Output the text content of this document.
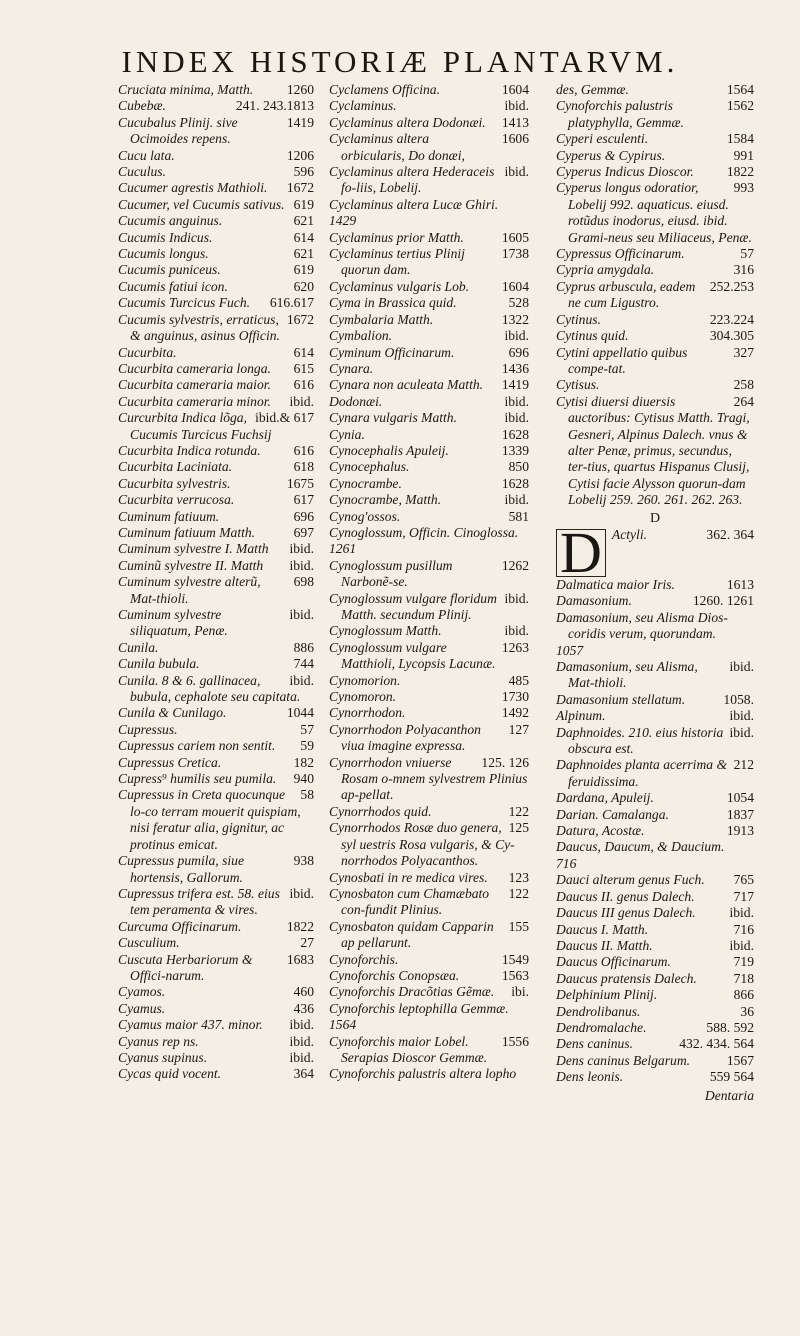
INDEX HISTORIÆ PLANTARVM.
1260
Cruciata minima, Matth.
241. 243.1813
Cubebæ.
1419
Cucubalus Plinij. sive Ocimoides repens.
1206
Cucu lata.
596
Cuculus.
1672
Cucumer agrestis Mathioli.
619
Cucumer, vel Cucumis sativus.
621
Cucumis anguinus.
614
Cucumis Indicus.
621
Cucumis longus.
619
Cucumis puniceus.
620
Cucumis fatiui icon.
616.617
Cucumis Turcicus Fuch.
1672
Cucumis sylvestris, erraticus, & anguinus, asinus Officin.
614
Cucurbita.
615
Cucurbita cameraria longa.
616
Cucurbita cameraria maior.
ibid.
Cucurbita cameraria minor.
ibid.& 617
Curcurbita Indica lõga, Cucumis Turcicus Fuchsij
616
Cucurbita Indica rotunda.
618
Cucurbita Laciniata.
1675
Cucurbita sylvestris.
617
Cucurbita verrucosa.
696
Cuminum fatiuum.
697
Cuminum fatiuum Matth.
ibid.
Cuminum sylvestre I. Matth
ibid.
Cuminũ sylvestre II. Matth
698
Cuminum sylvestre alterũ, Mat-thioli.
ibid.
Cuminum sylvestre siliquatum, Penæ.
886
Cunila.
744
Cunila bubula.
ibid.
Cunila. 8 & 6. gallinacea, bubula, cephalote seu capitata.
1044
Cunila & Cunilago.
57
Cupressus.
59
Cupressus cariem non sentit.
182
Cupressus Cretica.
940
Cupress⁹ humilis seu pumila.
58
Cupressus in Creta quocunque lo-co terram mouerit quispiam, nisi feratur alia, gignitur, ac protinus emicat.
938
Cupressus pumila, siue hortensis, Gallorum.
ibid.
Cupressus trifera est. 58. eius tem peramenta & vires.
1822
Curcuma Officinarum.
27
Cusculium.
1683
Cuscuta Herbariorum & Offici-narum.
460
Cyamos.
436
Cyamus.
ibid.
Cyamus maior 437. minor.
ibid.
Cyanus rep ns.
ibid.
Cyanus supinus.
364
Cycas quid vocent.
1604
Cyclamens Officina.
ibid.
Cyclaminus.
1413
Cyclaminus altera Dodonæi.
1606
Cyclaminus altera orbicularis, Do donæi,
ibid.
Cyclaminus altera Hederaceis fo-liis, Lobelij.
Cyclaminus altera Lucæ Ghiri.
1429
1605
Cyclaminus prior Matth.
1738
Cyclaminus tertius Plinij quorun dam.
1604
Cyclaminus vulgaris Lob.
528
Cyma in Brassica quid.
1322
Cymbalaria Matth.
ibid.
Cymbalion.
696
Cyminum Officinarum.
1436
Cynara.
1419
Cynara non aculeata Matth.
ibid.
Dodonæi.
ibid.
Cynara vulgaris Matth.
1628
Cynia.
1339
Cynocephalis Apuleij.
850
Cynocephalus.
1628
Cynocrambe.
ibid.
Cynocrambe, Matth.
581
Cynog'ossos.
Cynoglossum, Officin. Cinoglossa.
1261
1262
Cynoglossum pusillum Narbonẽ-se.
ibid.
Cynoglossum vulgare floridum Matth. secundum Plinij.
ibid.
Cynoglossum Matth.
1263
Cynoglossum vulgare Matthioli, Lycopsis Lacunæ.
485
Cynomorion.
1730
Cynomoron.
1492
Cynorrhodon.
127
Cynorrhodon Polyacanthon viua imagine expressa.
125. 126
Cynorrhodon vniuerse Rosam o-mnem sylvestrem Plinius ap-pellat.
122
Cynorrhodos quid.
125
Cynorrhodos Rosæ duo genera, syl uestris Rosa vulgaris, & Cy-norrhodos Polyacanthos.
123
Cynosbati in re medica vires.
122
Cynosbaton cum Chamæbato con-fundit Plinius.
155
Cynosbaton quidam Capparin ap pellarunt.
1549
Cynoforchis.
1563
Cynoforchis Conopsæa.
ibi.
Cynoforchis Dracõtias Gẽmæ.
Cynoforchis leptophilla Gemmæ.
1564
1556
Cynoforchis maior Lobel. Serapias Dioscor Gemmæ.
Cynoforchis palustris altera lopho
1564
des, Gemmæ.
1562
Cynoforchis palustris platyphylla, Gemmæ.
1584
Cyperi esculenti.
991
Cyperus & Cypirus.
1822
Cyperus Indicus Dioscor.
993
Cyperus longus odoratior, Lobelij 992. aquaticus. eiusd. rotũdus inodorus, eiusd. ibid. Grami-neus seu Miliaceus, Penæ.
57
Cypressus Officinarum.
316
Cypria amygdala.
252.253
Cyprus arbuscula, eadem ne cum Ligustro.
223.224
Cytinus.
304.305
Cytinus quid.
327
Cytini appellatio quibus compe-tat.
258
Cytisus.
264
Cytisi diuersi diuersis auctoribus: Cytisus Matth. Tragi, Gesneri, Alpinus Dalech. vnus & alter Penæ, primus, secundus, ter-tius, quartus Hispanus Clusij, Cytisi facie Alysson quorun-dam Lobelij 259. 260. 261. 262. 263.
D
D	362. 364
Actyli.
1613
Dalmatica maior Iris.
1260. 1261
Damasonium.
Damasonium, seu Alisma Dios-coridis verum, quorundam.
1057
ibid.
Damasonium, seu Alisma, Mat-thioli.
1058.
Damasonium stellatum.
ibid.
Alpinum.
ibid.
Daphnoides. 210. eius historia obscura est.
212
Daphnoides planta acerrima & feruidissima.
1054
Dardana, Apuleij.
1837
Darian. Camalanga.
1913
Datura, Acostæ.
Daucus, Daucum, & Daucium.
716
765
Dauci alterum genus Fuch.
717
Daucus II. genus Dalech.
ibid.
Daucus III genus Dalech.
716
Daucus I. Matth.
ibid.
Daucus II. Matth.
719
Daucus Officinarum.
718
Daucus pratensis Dalech.
866
Delphinium Plinij.
36
Dendrolibanus.
588. 592
Dendromalache.
432. 434. 564
Dens caninus.
1567
Dens caninus Belgarum.
559 564
Dens leonis.
Dentaria
